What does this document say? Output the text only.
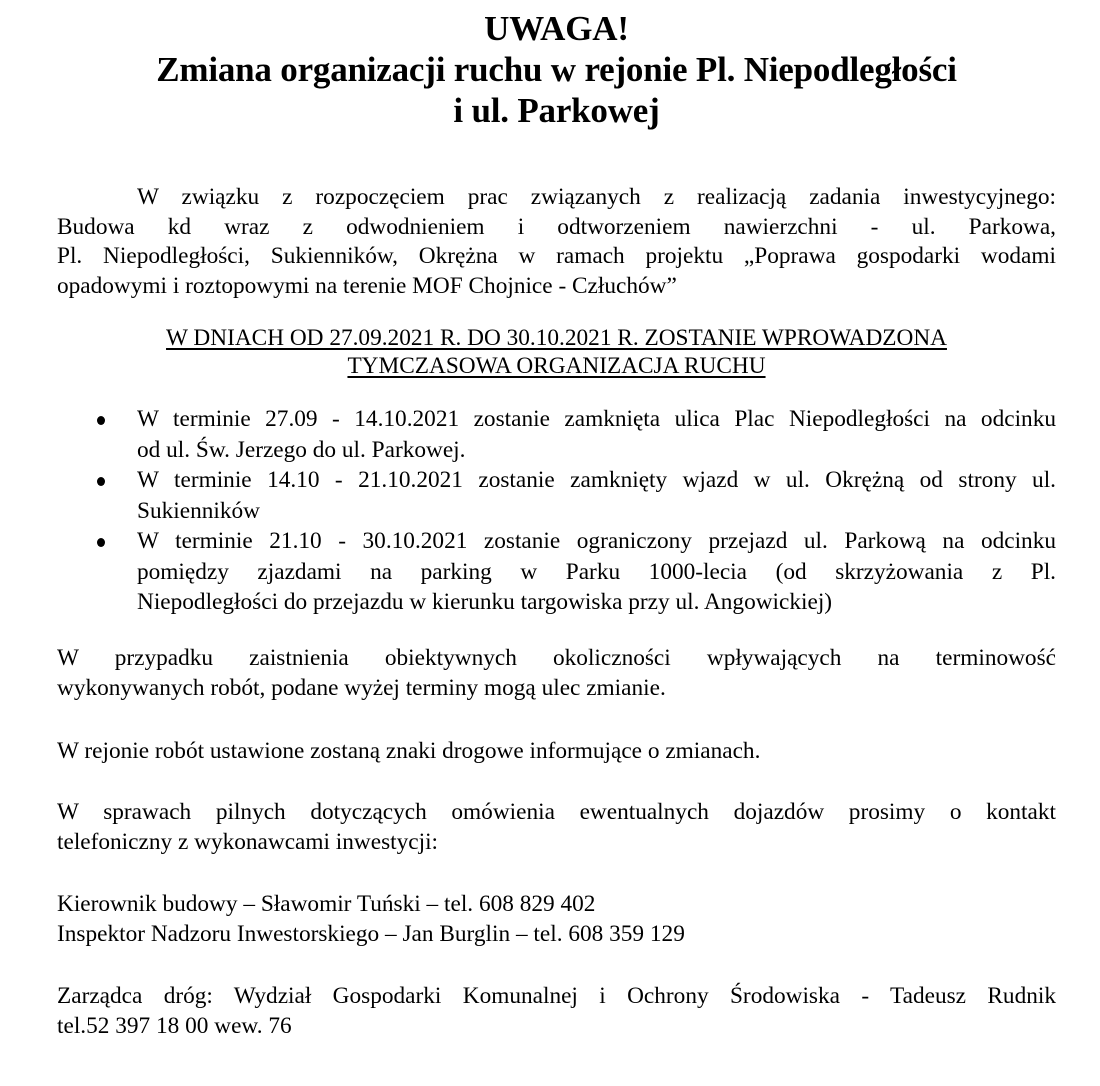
UWAGA!
Zmiana organizacji ruchu w rejonie Pl. Niepodległości
i ul. Parkowej
W związku z rozpoczęciem prac związanych z realizacją zadania inwestycyjnego:
Budowa kd wraz z odwodnieniem i odtworzeniem nawierzchni - ul. Parkowa,
Pl. Niepodległości, Sukienników, Okrężna w ramach projektu „Poprawa gospodarki wodami
opadowymi i roztopowymi na terenie MOF Chojnice - Człuchów”
W DNIACH OD 27.09.2021 R. DO 30.10.2021 R. ZOSTANIE WPROWADZONA
TYMCZASOWA ORGANIZACJA RUCHU
W terminie 27.09 - 14.10.2021 zostanie zamknięta ulica Plac Niepodległości na odcinku
od ul. Św. Jerzego do ul. Parkowej.
W terminie 14.10 - 21.10.2021 zostanie zamknięty wjazd w ul. Okrężną od strony ul.
Sukienników
W terminie 21.10 - 30.10.2021 zostanie ograniczony przejazd ul. Parkową na odcinku
pomiędzy zjazdami na parking w Parku 1000-lecia (od skrzyżowania z Pl.
Niepodległości do przejazdu w kierunku targowiska przy ul. Angowickiej)
W przypadku zaistnienia obiektywnych okoliczności wpływających na terminowość
wykonywanych robót, podane wyżej terminy mogą ulec zmianie.
W rejonie robót ustawione zostaną znaki drogowe informujące o zmianach.
W sprawach pilnych dotyczących omówienia ewentualnych dojazdów prosimy o kontakt
telefoniczny z wykonawcami inwestycji:
Kierownik budowy – Sławomir Tuński – tel. 608 829 402
Inspektor Nadzoru Inwestorskiego – Jan Burglin – tel. 608 359 129
Zarządca dróg: Wydział Gospodarki Komunalnej i Ochrony Środowiska - Tadeusz Rudnik
tel.52 397 18 00 wew. 76
